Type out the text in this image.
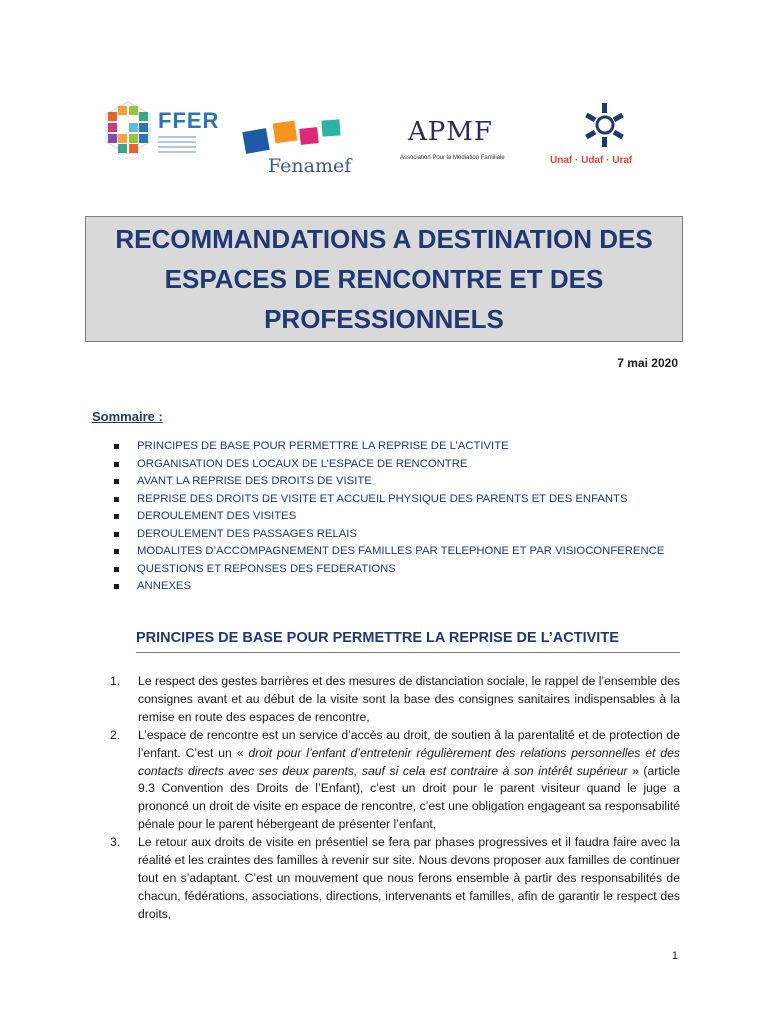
FFER
Fenamef
APMF
Association Pour la Médiation Familiale	Unaf · Udaf · Uraf
RECOMMANDATIONS A DESTINATION DES ESPACES DE RENCONTRE ET DES PROFESSIONNELS
7 mai 2020
Sommaire :
PRINCIPES DE BASE POUR PERMETTRE LA REPRISE DE L’ACTIVITE
ORGANISATION DES LOCAUX DE L’ESPACE DE RENCONTRE
AVANT LA REPRISE DES DROITS DE VISITE
REPRISE DES DROITS DE VISITE ET ACCUEIL PHYSIQUE DES PARENTS ET DES ENFANTS
DEROULEMENT DES VISITES
DEROULEMENT DES PASSAGES RELAIS
MODALITES D’ACCOMPAGNEMENT DES FAMILLES PAR TELEPHONE ET PAR VISIOCONFERENCE
QUESTIONS ET REPONSES DES FEDERATIONS
ANNEXES
PRINCIPES DE BASE POUR PERMETTRE LA REPRISE DE L’ACTIVITE
1. Le respect des gestes barrières et des mesures de distanciation sociale, le rappel de l’ensemble des consignes avant et au début de la visite sont la base des consignes sanitaires indispensables à la remise en route des espaces de rencontre,
2. L’espace de rencontre est un service d’accès au droit, de soutien à la parentalité et de protection de l’enfant. C’est un « droit pour l’enfant d’entretenir régulièrement des relations personnelles et des contacts directs avec ses deux parents, sauf si cela est contraire à son intérêt supérieur » (article 9.3 Convention des Droits de l’Enfant), c’est un droit pour le parent visiteur quand le juge a prononcé un droit de visite en espace de rencontre, c’est une obligation engageant sa responsabilité pénale pour le parent hébergeant de présenter l’enfant,
3. Le retour aux droits de visite en présentiel se fera par phases progressives et il faudra faire avec la réalité et les craintes des familles à revenir sur site. Nous devons proposer aux familles de continuer tout en s’adaptant. C’est un mouvement que nous ferons ensemble à partir des responsabilités de chacun, fédérations, associations, directions, intervenants et familles, afin de garantir le respect des droits,
1
